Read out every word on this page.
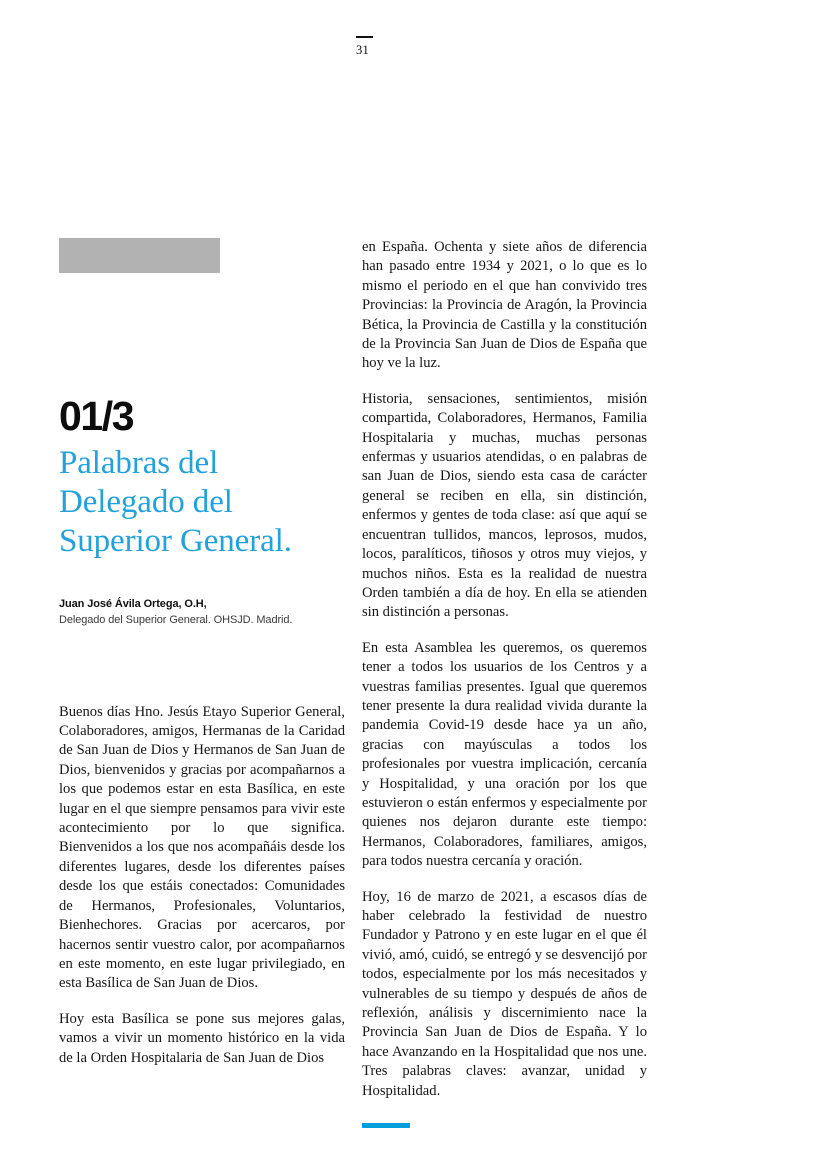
31
01/3
Palabras del Delegado del Superior General.
Juan José Ávila Ortega, O.H,
Delegado del Superior General. OHSJD. Madrid.

Buenos días Hno. Jesús Etayo Superior General, Colaboradores, amigos, Hermanas de la Caridad de San Juan de Dios y Hermanos de San Juan de Dios, bienvenidos y gracias por acompañarnos a los que podemos estar en esta Basílica, en este lugar en el que siempre pensamos para vivir este acontecimiento por lo que significa. Bienvenidos a los que nos acompañáis desde los diferentes lugares, desde los diferentes países desde los que estáis conectados: Comunidades de Hermanos, Profesionales, Voluntarios, Bienhechores. Gracias por acercaros, por hacernos sentir vuestro calor, por acompañarnos en este momento, en este lugar privilegiado, en esta Basílica de San Juan de Dios.

Hoy esta Basílica se pone sus mejores galas, vamos a vivir un momento histórico en la vida de la Orden Hospitalaria de San Juan de Dios

en España. Ochenta y siete años de diferencia han pasado entre 1934 y 2021, o lo que es lo mismo el periodo en el que han convivido tres Provincias: la Provincia de Aragón, la Provincia Bética, la Provincia de Castilla y la constitución de la Provincia San Juan de Dios de España que hoy ve la luz.

Historia, sensaciones, sentimientos, misión compartida, Colaboradores, Hermanos, Familia Hospitalaria y muchas, muchas personas enfermas y usuarios atendidas, o en palabras de san Juan de Dios, siendo esta casa de carácter general se reciben en ella, sin distinción, enfermos y gentes de toda clase: así que aquí se encuentran tullidos, mancos, leprosos, mudos, locos, paralíticos, tiñosos y otros muy viejos, y muchos niños. Esta es la realidad de nuestra Orden también a día de hoy. En ella se atienden sin distinción a personas.

En esta Asamblea les queremos, os queremos tener a todos los usuarios de los Centros y a vuestras familias presentes. Igual que queremos tener presente la dura realidad vivida durante la pandemia Covid-19 desde hace ya un año, gracias con mayúsculas a todos los profesionales por vuestra implicación, cercanía y Hospitalidad, y una oración por los que estuvieron o están enfermos y especialmente por quienes nos dejaron durante este tiempo: Hermanos, Colaboradores, familiares, amigos, para todos nuestra cercanía y oración.

Hoy, 16 de marzo de 2021, a escasos días de haber celebrado la festividad de nuestro Fundador y Patrono y en este lugar en el que él vivió, amó, cuidó, se entregó y se desvencijó por todos, especialmente por los más necesitados y vulnerables de su tiempo y después de años de reflexión, análisis y discernimiento nace la Provincia San Juan de Dios de España. Y lo hace Avanzando en la Hospitalidad que nos une. Tres palabras claves: avanzar, unidad y Hospitalidad.
